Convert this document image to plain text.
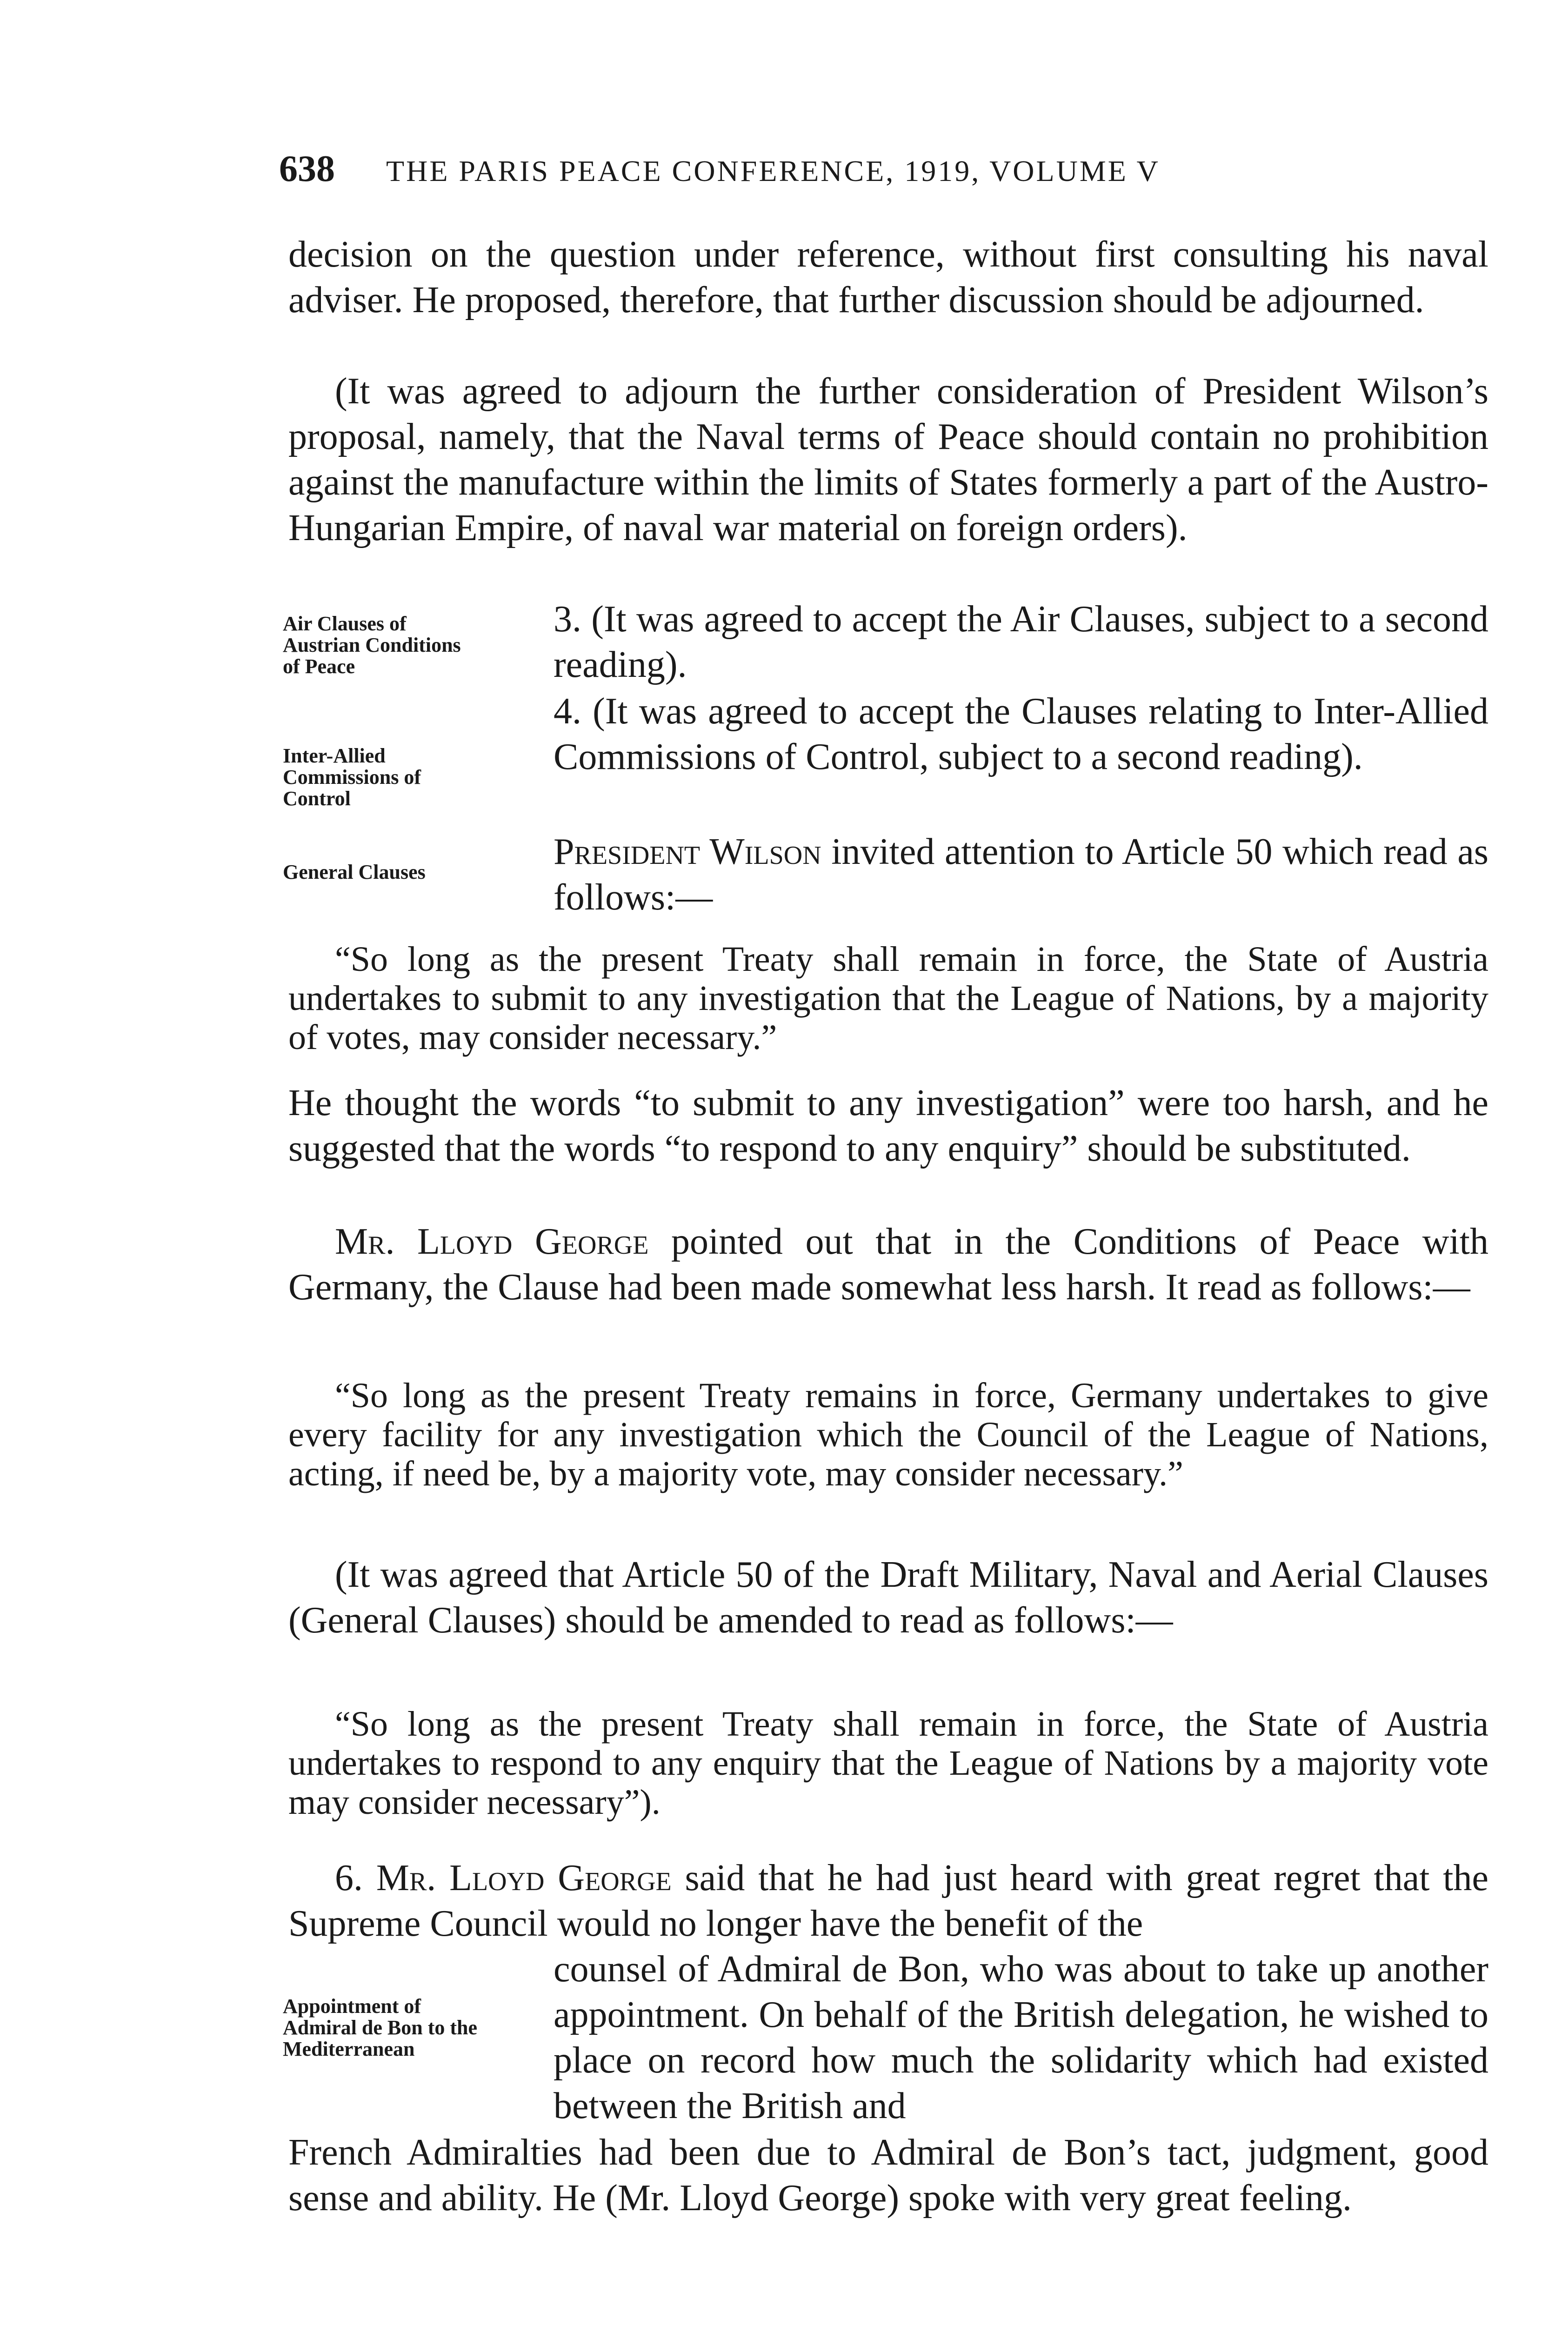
638	THE PARIS PEACE CONFERENCE, 1919, VOLUME V

decision on the question under reference, without first consulting his naval adviser. He proposed, therefore, that further discussion should be adjourned.

(It was agreed to adjourn the further consideration of President Wilson’s proposal, namely, that the Naval terms of Peace should contain no prohibition against the manufacture within the limits of States formerly a part of the Austro-Hungarian Empire, of naval war material on foreign orders).

Air Clauses of Austrian Conditions of Peace

3. (It was agreed to accept the Air Clauses, subject to a second reading).

Inter-Allied Commissions of Control

4. (It was agreed to accept the Clauses relating to Inter-Allied Commissions of Control, subject to a second reading).

General Clauses	President Wilson invited attention to Article 50 which read as follows:—

“So long as the present Treaty shall remain in force, the State of Austria undertakes to submit to any investigation that the League of Nations, by a majority of votes, may consider necessary.”

He thought the words “to submit to any investigation” were too harsh, and he suggested that the words “to respond to any enquiry” should be substituted.

Mr. Lloyd George pointed out that in the Conditions of Peace with Germany, the Clause had been made somewhat less harsh. It read as follows:—

“So long as the present Treaty remains in force, Germany undertakes to give every facility for any investigation which the Council of the League of Nations, acting, if need be, by a majority vote, may consider necessary.”

(It was agreed that Article 50 of the Draft Military, Naval and Aerial Clauses (General Clauses) should be amended to read as follows:—

“So long as the present Treaty shall remain in force, the State of Austria undertakes to respond to any enquiry that the League of Nations by a majority vote may consider necessary”).

6. Mr. Lloyd George said that he had just heard with great regret that the Supreme Council would no longer have the benefit of the

Appointment of Admiral de Bon to the Mediterranean

counsel of Admiral de Bon, who was about to take up another appointment. On behalf of the British delegation, he wished to place on record how much the solidarity which had existed between the British and

French Admiralties had been due to Admiral de Bon’s tact, judgment, good sense and ability. He (Mr. Lloyd George) spoke with very great feeling.
